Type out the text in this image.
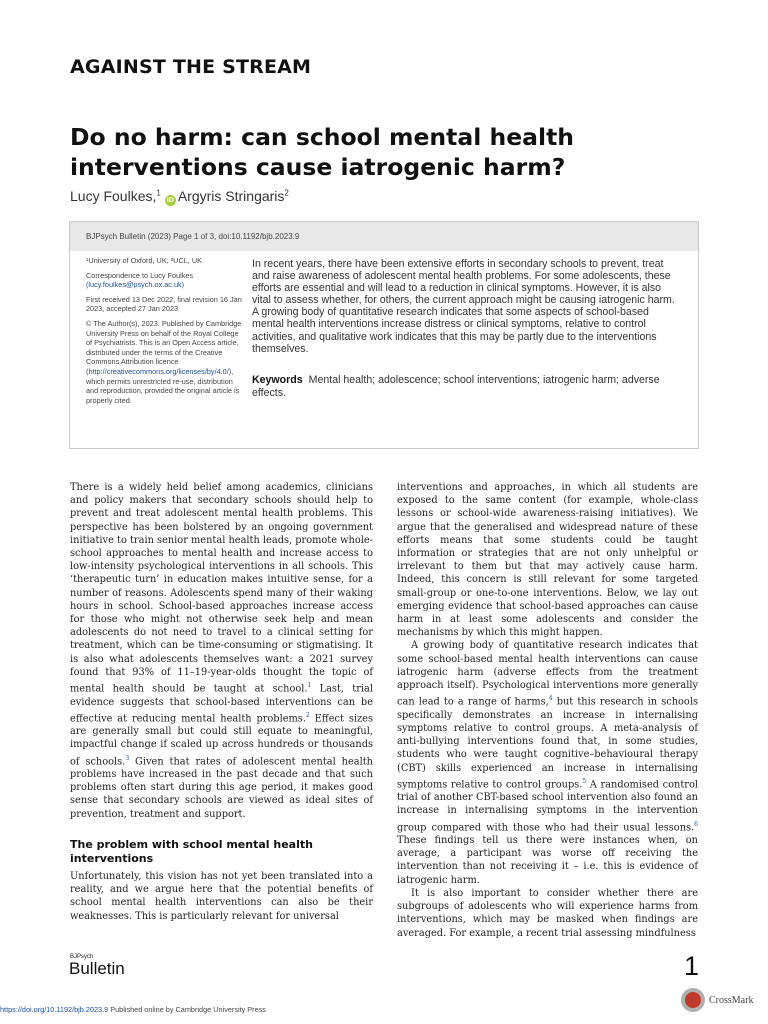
AGAINST THE STREAM
Do no harm: can school mental health interventions cause iatrogenic harm?
Lucy Foulkes,$^1$iD Argyris Stringaris$^2$
BJPsych Bulletin (2023) Page 1 of 3, doi:10.1192/bjb.2023.9

¹University of Oxford, UK; ²UCL, UK

Correspondence to Lucy Foulkes

(lucy.foulkes@psych.ox.ac.uk)

First received 13 Dec 2022, final revision 16 Jan 2023, accepted 27 Jan 2023

© The Author(s), 2023. Published by Cambridge University Press on behalf of the Royal College of Psychiatrists. This is an Open Access article, distributed under the terms of the Creative Commons Attribution licence (http://creativecommons.org/licenses/by/4.0/), which permits unrestricted re-use, distribution and reproduction, provided the original article is properly cited.

In recent years, there have been extensive efforts in secondary schools to prevent, treat and raise awareness of adolescent mental health problems. For some adolescents, these efforts are essential and will lead to a reduction in clinical symptoms. However, it is also vital to assess whether, for others, the current approach might be causing iatrogenic harm. A growing body of quantitative research indicates that some aspects of school-based mental health interventions increase distress or clinical symptoms, relative to control activities, and qualitative work indicates that this may be partly due to the interventions themselves.
Keywords Mental health; adolescence; school interventions; iatrogenic harm; adverse effects.

There is a widely held belief among academics, clinicians and policy makers that secondary schools should help to prevent and treat adolescent mental health problems. This perspective has been bolstered by an ongoing government initiative to train senior mental health leads, promote whole-school approaches to mental health and increase access to low-intensity psychological interventions in all schools. This ‘therapeutic turn’ in education makes intuitive sense, for a number of reasons. Adolescents spend many of their waking hours in school. School-based approaches increase access for those who might not otherwise seek help and mean adolescents do not need to travel to a clinical setting for treatment, which can be time-consuming or stigmatising. It is also what adolescents themselves want: a 2021 survey found that 93% of 11–19-year-olds thought the topic of mental health should be taught at school.$^1$ Last, trial evidence suggests that school-based interventions can be effective at reducing mental health problems.$^2$ Effect sizes are generally small but could still equate to meaningful, impactful change if scaled up across hundreds or thousands of schools.$^3$ Given that rates of adolescent mental health problems have increased in the past decade and that such problems often start during this age period, it makes good sense that secondary schools are viewed as ideal sites of prevention, treatment and support.

The problem with school mental health interventions

Unfortunately, this vision has not yet been translated into a reality, and we argue here that the potential benefits of school mental health interventions can also be their weaknesses. This is particularly relevant for universal

interventions and approaches, in which all students are exposed to the same content (for example, whole-class lessons or school-wide awareness-raising initiatives). We argue that the generalised and widespread nature of these efforts means that some students could be taught information or strategies that are not only unhelpful or irrelevant to them but that may actively cause harm. Indeed, this concern is still relevant for some targeted small-group or one-to-one interventions. Below, we lay out emerging evidence that school-based approaches can cause harm in at least some adolescents and consider the mechanisms by which this might happen.

A growing body of quantitative research indicates that some school-based mental health interventions can cause iatrogenic harm (adverse effects from the treatment approach itself). Psychological interventions more generally can lead to a range of harms,$^4$ but this research in schools specifically demonstrates an increase in internalising symptoms relative to control groups. A meta-analysis of anti-bullying interventions found that, in some studies, students who were taught cognitive–behavioural therapy (CBT) skills experienced an increase in internalising symptoms relative to control groups.$^5$ A randomised control trial of another CBT-based school intervention also found an increase in internalising symptoms in the intervention group compared with those who had their usual lessons.$^6$ These findings tell us there were instances when, on average, a participant was worse off receiving the intervention than not receiving it – i.e. this is evidence of iatrogenic harm.

It is also important to consider whether there are subgroups of adolescents who will experience harms from interventions, which may be masked when findings are averaged. For example, a recent trial assessing mindfulness

BJPsych
Bulletin	1
https://doi.org/10.1192/bjb.2023.9 Published online by Cambridge University Press
CrossMark
